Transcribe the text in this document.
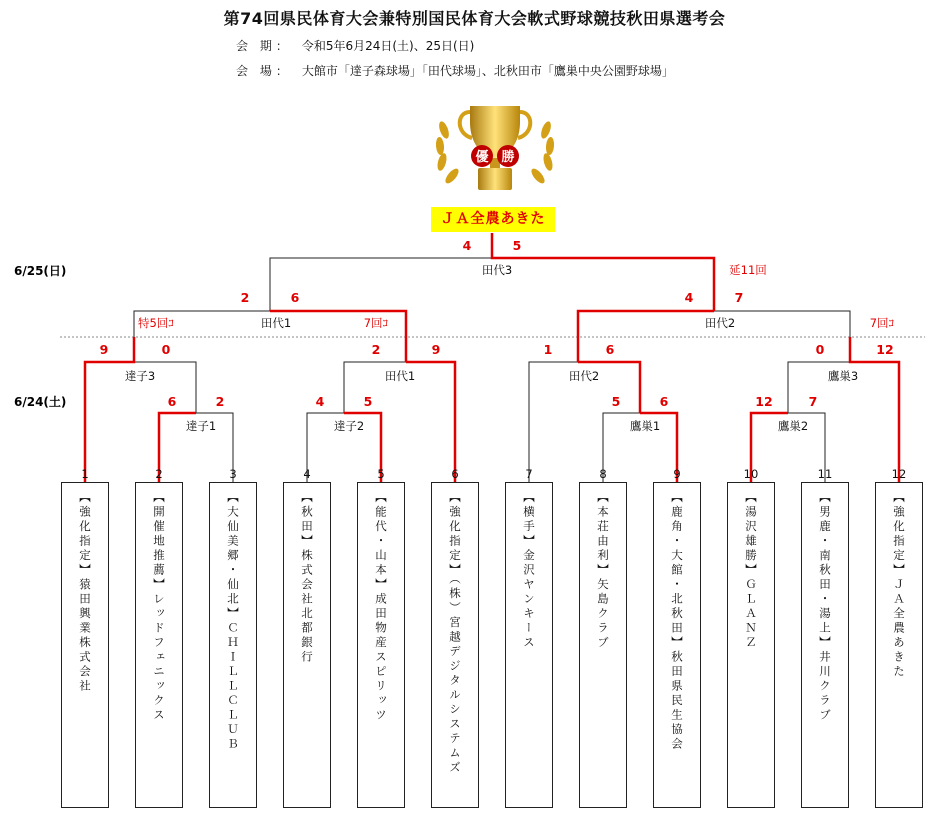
第74回県民体育大会兼特別国民体育大会軟式野球競技秋田県選考会
会 期： 令和5年6月24日(土)、25日(日)
会 場： 大館市「達子森球場」「田代球場」、北秋田市「鷹巣中央公園野球場」
優 勝
ＪＡ全農あきた
6/25(日)
6/24(土)
田代3
田代1	田代2
達子3	田代1	田代2	鷹巣3
達子1	達子2	鷹巣1	鷹巣2
延11回
特5回ｺ	7回ｺ	7回ｺ
4	5
2	6	4	7
9	0	2	9	1	6	0	12
6	2	4	5	5	6	12	7
1	2	3	4	5	6	7	8	9	10	11	12
【強化指定】猿田興業株式会社	【開催地推薦】レッドフェニックス	【大仙美郷・仙北】ＣＨＩＬＬＣＬＵＢ	【秋田】株式会社北都銀行	【能代・山本】成田物産スピリッツ	【強化指定】（株）宮越デジタルシステムズ	【横手】金沢ヤンキース	【本荘由利】矢島クラブ	【鹿角・大館・北秋田】秋田県民生協会	【湯沢雄勝】ＧＬＡＮＺ	【男鹿・南秋田・湯上】井川クラブ	【強化指定】ＪＡ全農あきた
